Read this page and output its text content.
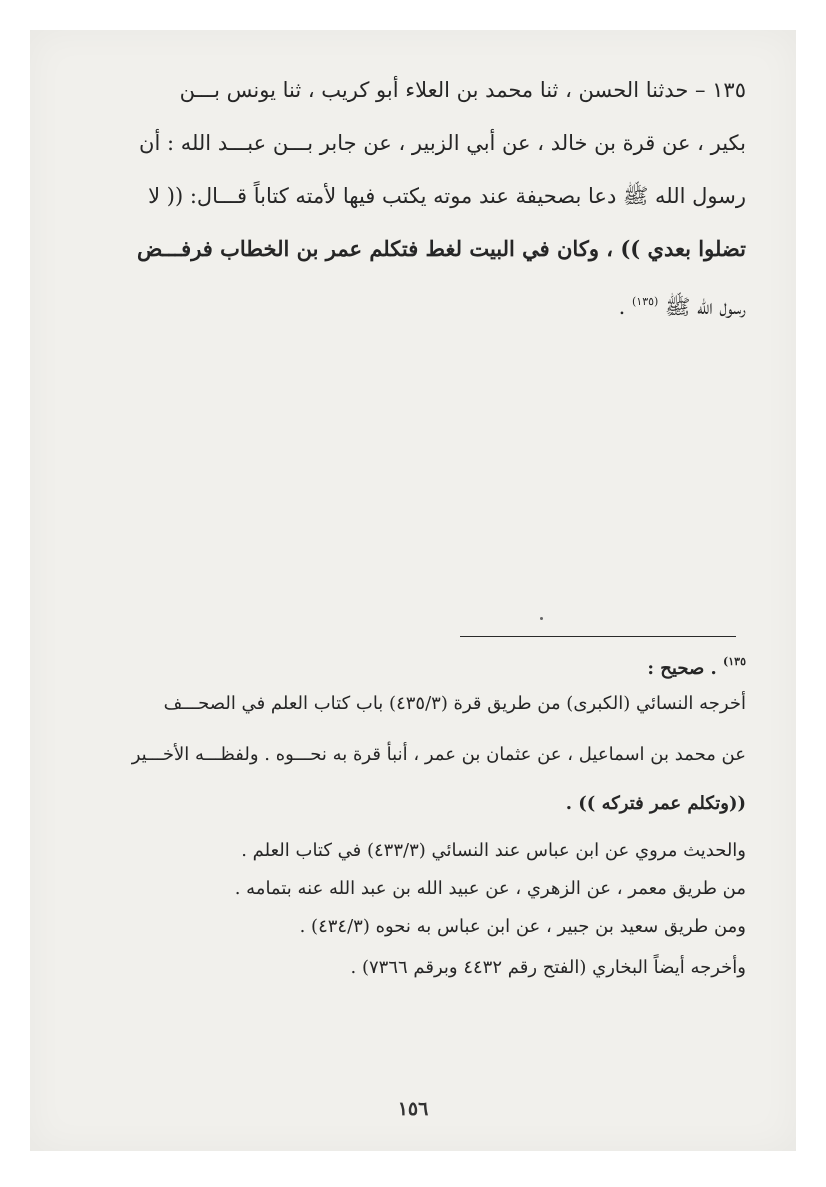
١٣٥ – حدثنا الحسن ، ثنا محمد بن العلاء أبو كريب ، ثنا يونس بـــن
بكير ، عن قرة بن خالد ، عن أبي الزبير ، عن جابر بـــن عبـــد الله : أن
رسول الله ﷺ دعا بصحيفة عند موته يكتب فيها لأمته كتاباً قـــال: (( لا
تضلوا بعدي )) ، وكان في البيت لغط فتكلم عمر بن الخطاب فرفـــض
رسول الله ﷺ $^{(١٣٥)}$ .
$^{١٣٥)}$ . صحيح :
أخرجه النسائي (الكبرى) من طريق قرة (٤٣٥/٣) باب كتاب العلم في الصحـــف
عن محمد بن اسماعيل ، عن عثمان بن عمر ، أنبأ قرة به نحـــوه . ولفظـــه الأخـــير
((وتكلم عمر فتركه )) .
والحديث مروي عن ابن عباس عند النسائي (٤٣٣/٣) في كتاب العلم .
من طريق معمر ، عن الزهري ، عن عبيد الله بن عبد الله عنه بتمامه .
ومن طريق سعيد بن جبير ، عن ابن عباس به نحوه (٤٣٤/٣) .
وأخرجه أيضاً البخاري (الفتح رقم ٤٤٣٢ وبرقم ٧٣٦٦) .
١٥٦
